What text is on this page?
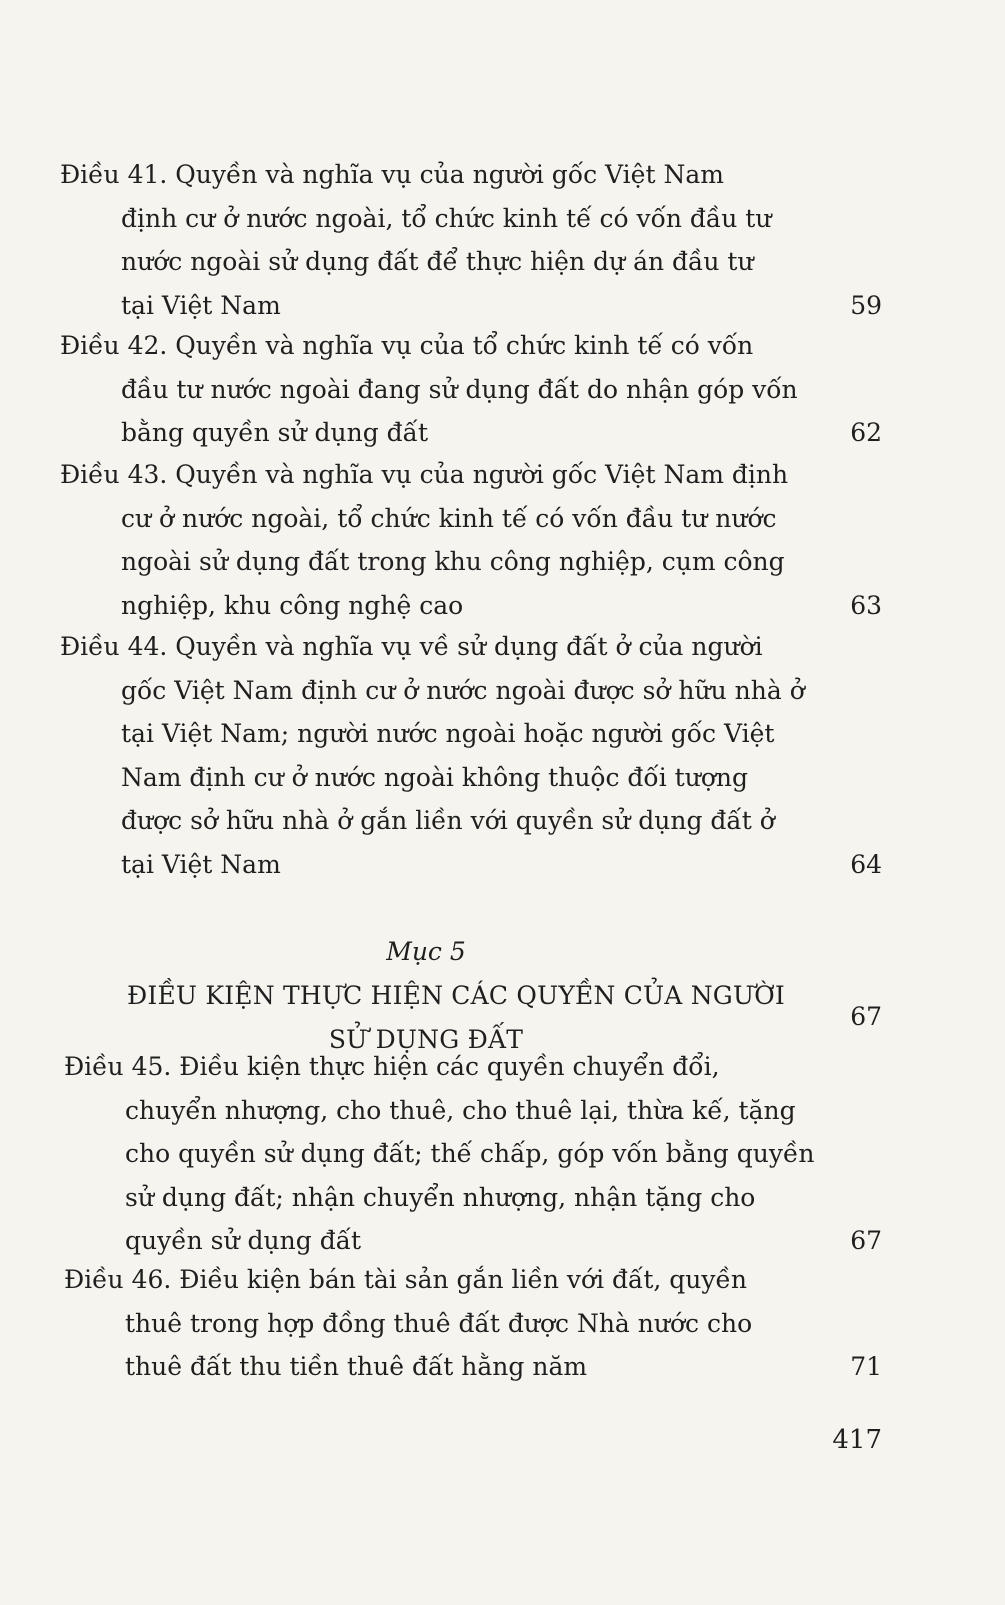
Điều 41. Quyền và nghĩa vụ của người gốc Việt Nam
định cư ở nước ngoài, tổ chức kinh tế có vốn đầu tư
nước ngoài sử dụng đất để thực hiện dự án đầu tư
tại Việt Nam	59
Điều 42. Quyền và nghĩa vụ của tổ chức kinh tế có vốn
đầu tư nước ngoài đang sử dụng đất do nhận góp vốn
bằng quyền sử dụng đất	62
Điều 43. Quyền và nghĩa vụ của người gốc Việt Nam định
cư ở nước ngoài, tổ chức kinh tế có vốn đầu tư nước
ngoài sử dụng đất trong khu công nghiệp, cụm công
nghiệp, khu công nghệ cao	63
Điều 44. Quyền và nghĩa vụ về sử dụng đất ở của người
gốc Việt Nam định cư ở nước ngoài được sở hữu nhà ở
tại Việt Nam; người nước ngoài hoặc người gốc Việt
Nam định cư ở nước ngoài không thuộc đối tượng
được sở hữu nhà ở gắn liền với quyền sử dụng đất ở
tại Việt Nam	64
Mục 5
ĐIỀU KIỆN THỰC HIỆN CÁC QUYỀN CỦA NGƯỜI
SỬ DỤNG ĐẤT
67
Điều 45. Điều kiện thực hiện các quyền chuyển đổi,
chuyển nhượng, cho thuê, cho thuê lại, thừa kế, tặng
cho quyền sử dụng đất; thế chấp, góp vốn bằng quyền
sử dụng đất; nhận chuyển nhượng, nhận tặng cho
quyền sử dụng đất	67
Điều 46. Điều kiện bán tài sản gắn liền với đất, quyền
thuê trong hợp đồng thuê đất được Nhà nước cho
thuê đất thu tiền thuê đất hằng năm	71
417
